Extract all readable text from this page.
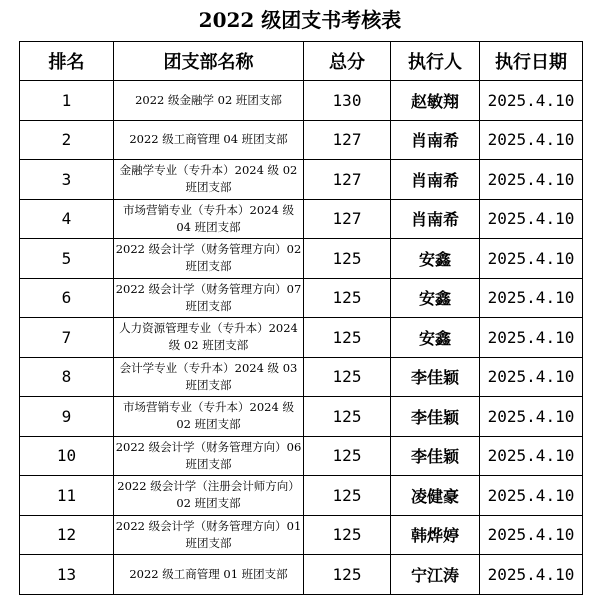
2022 级团支书考核表
排名	团支部名称	总分	执行人	执行日期
1	2022 级金融学 02 班团支部	130	赵敏翔	2025.4.10
2	2022 级工商管理 04 班团支部	127	肖南希	2025.4.10
3	金融学专业（专升本）2024 级 02 班团支部	127	肖南希	2025.4.10
4	市场营销专业（专升本）2024 级 04 班团支部	127	肖南希	2025.4.10
5	2022 级会计学（财务管理方向）02 班团支部	125	安鑫	2025.4.10
6	2022 级会计学（财务管理方向）07 班团支部	125	安鑫	2025.4.10
7	人力资源管理专业（专升本）2024 级 02 班团支部	125	安鑫	2025.4.10
8	会计学专业（专升本）2024 级 03 班团支部	125	李佳颖	2025.4.10
9	市场营销专业（专升本）2024 级 02 班团支部	125	李佳颖	2025.4.10
10	2022 级会计学（财务管理方向）06 班团支部	125	李佳颖	2025.4.10
11	2022 级会计学（注册会计师方向）02 班团支部	125	凌健豪	2025.4.10
12	2022 级会计学（财务管理方向）01 班团支部	125	韩烨婷	2025.4.10
13	2022 级工商管理 01 班团支部	125	宁江涛	2025.4.10
